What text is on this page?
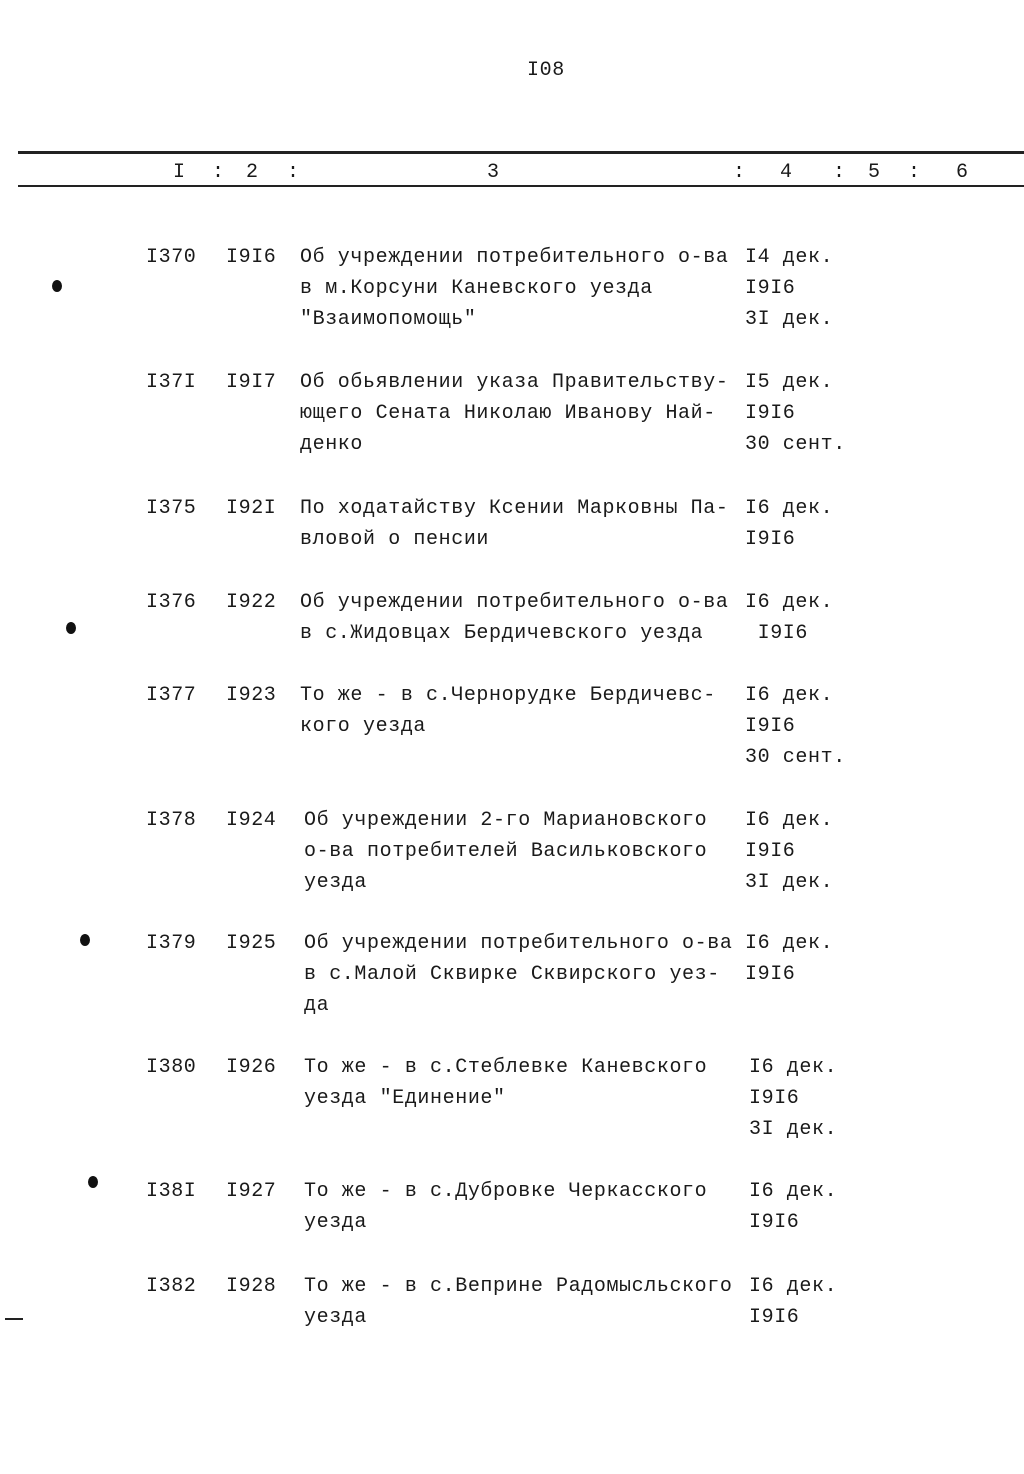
I08
I : 2 :	3	: 4 : 5 : 6
I370 I9I6 Об учреждении потребительного о-ва
в м.Корсуни Каневского уезда
"Взаимопомощь"
I4 дек.
I9I6
3I дек.
I37I I9I7 Об обьявлении указа Правительству-
ющего Сената Николаю Иванову Най-
денко
I5 дек.
I9I6
30 сент.
I375 I92I По ходатайству Ксении Марковны Па-
вловой о пенсии
I6 дек.
I9I6
I376 I922 Об учреждении потребительного о-ва
в с.Жидовцах Бердичевского уезда
I6 дек.
I9I6
I377 I923 То же - в с.Чернорудке Бердичевс-
кого уезда
I6 дек.
I9I6
30 сент.
I378 I924 Об учреждении 2-го Мариановского
о-ва потребителей Васильковского
уезда
I6 дек.
I9I6
3I дек.
I379 I925 Об учреждении потребительного о-ва
в с.Малой Сквирке Сквирского уез-
да
I6 дек.
I9I6
I380 I926 То же - в с.Стеблевке Каневского
уезда "Единение"
I6 дек.
I9I6
3I дек.
I38I I927 То же - в с.Дубровке Черкасского
уезда
I6 дек.
I9I6
I382 I928 То же - в с.Веприне Радомысльского
уезда
I6 дек.
I9I6
